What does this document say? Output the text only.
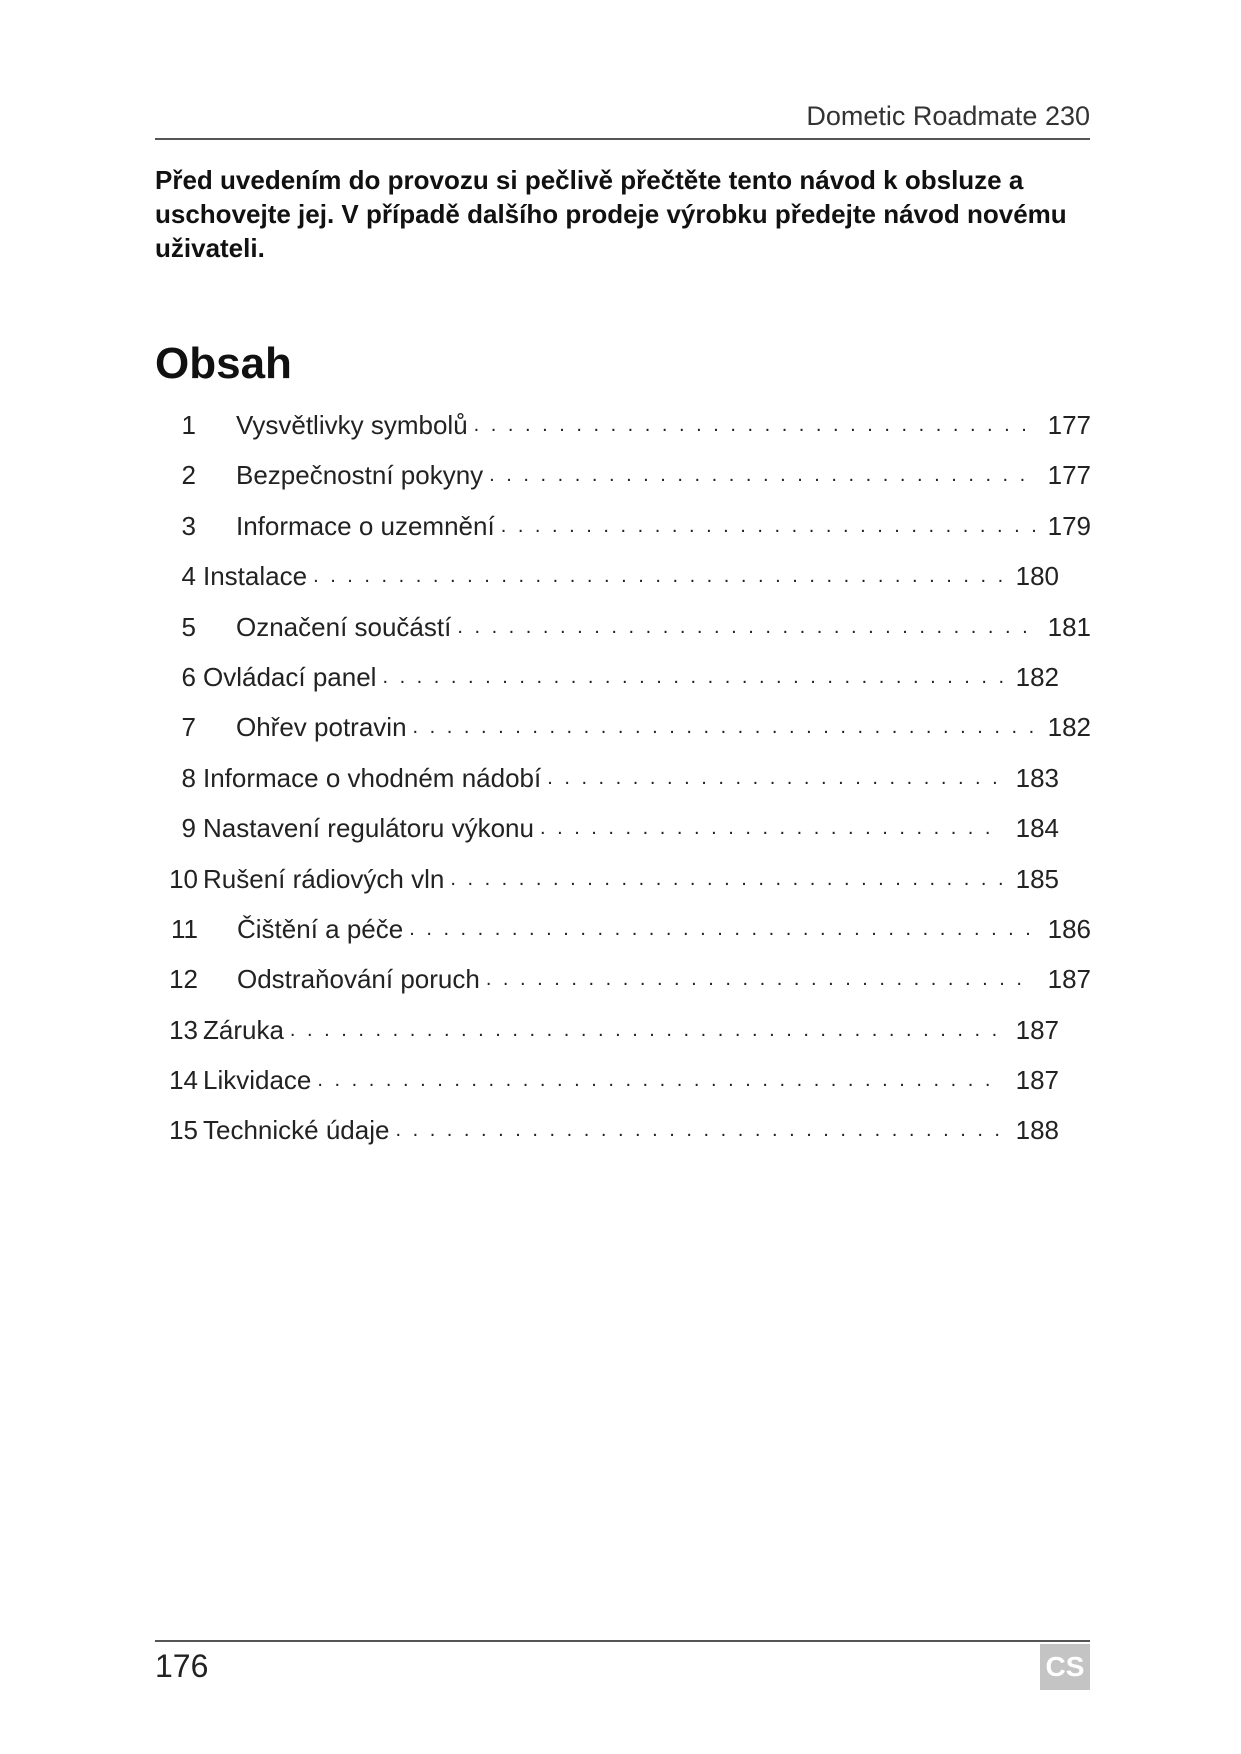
Dometic Roadmate 230

Před uvedením do provozu si pečlivě přečtěte tento návod k obsluze a uschovejte jej. V případě dalšího prodeje výrobku předejte návod novému uživateli.

Obsah
1 Vysvětlivky symbolů . . .	177
2 Bezpečnostní pokyny . . .	177
3 Informace o uzemnění . . .	179
4 Instalace . . .	180
5 Označení součástí . . .	181
6 Ovládací panel . . .	182
7 Ohřev potravin . . .	182
8 Informace o vhodném nádobí . . .	183
9 Nastavení regulátoru výkonu . . .	184
10 Rušení rádiových vln . . .	185
11 Čištění a péče . . .	186
12 Odstraňování poruch . . .	187
13 Záruka . . .	187
14 Likvidace . . .	187
15 Technické údaje . . .	188
176	CS
